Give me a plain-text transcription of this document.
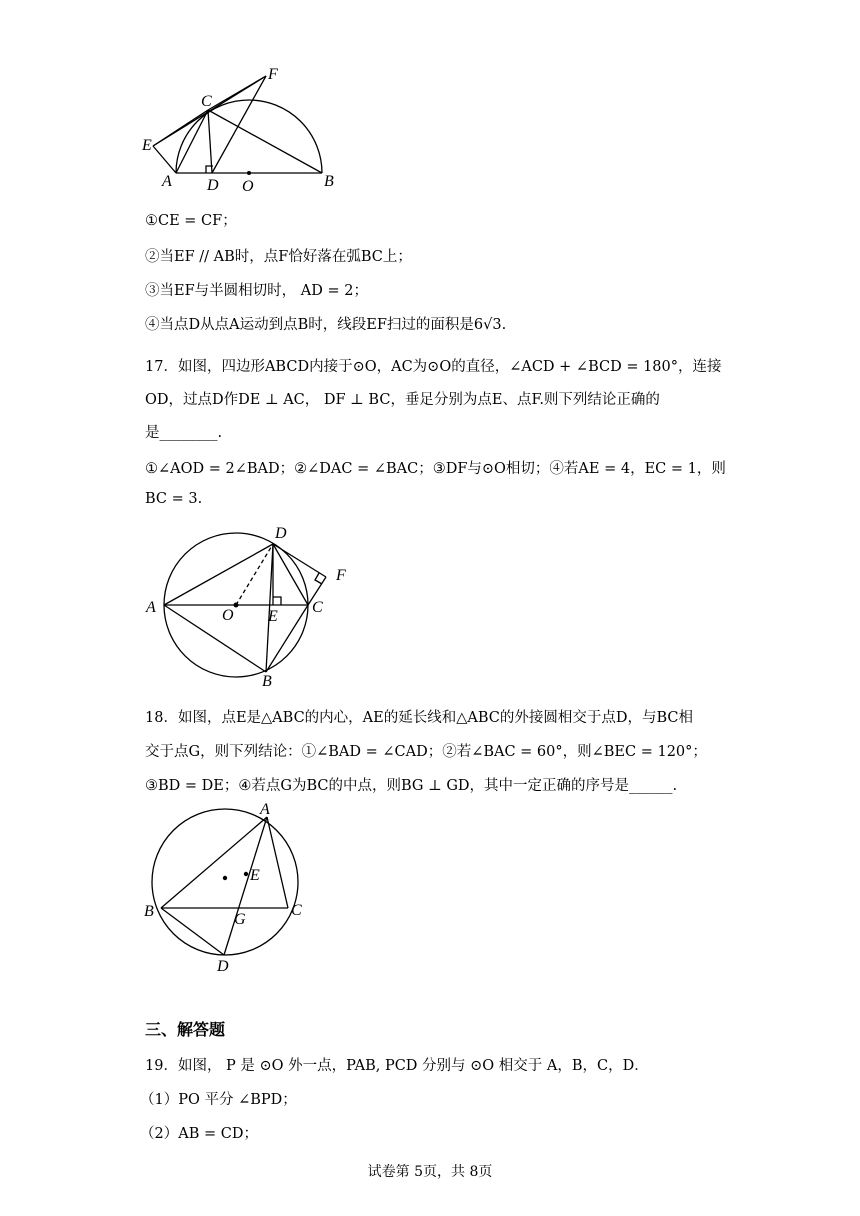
F
C
E
A D O	B
①CE = CF；
②当EF // AB时，点F恰好落在弧BC上；
③当EF与半圆相切时， AD = 2；
④当点D从点A运动到点B时，线段EF扫过的面积是6√3.
17．如图，四边形ABCD内接于⊙O，AC为⊙O的直径，∠ACD + ∠BCD = 180°，连接
OD，过点D作DE ⊥ AC， DF ⊥ BC，垂足分别为点E、点F.则下列结论正确的
是________.
①∠AOD = 2∠BAD；②∠DAC = ∠BAC；③DF与⊙O相切；④若AE = 4，EC = 1，则
BC = 3.
D
F
A	O E
C
B
18．如图，点E是△ABC的内心，AE的延长线和△ABC的外接圆相交于点D，与BC相
交于点G，则下列结论：①∠BAD = ∠CAD；②若∠BAC = 60°，则∠BEC = 120°；
③BD = DE；④若点G为BC的中点，则BG ⊥ GD，其中一定正确的序号是______.
A
E
B	G
C
D
三、解答题
19．如图， P 是 ⊙O 外一点，PAB, PCD 分别与 ⊙O 相交于 A，B，C，D．
（1）PO 平分 ∠BPD；
（2）AB = CD；
试卷第 5页，共 8页
